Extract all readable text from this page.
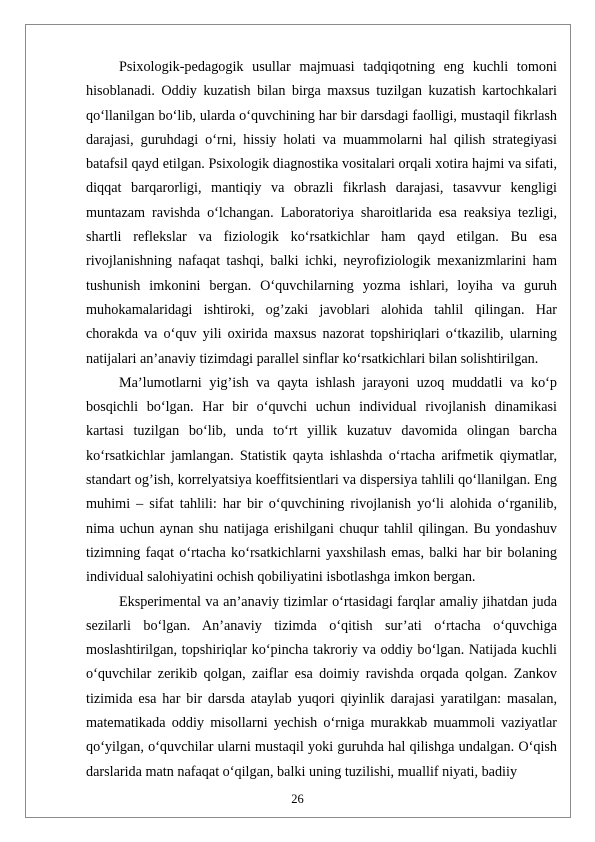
Psixologik-pedagogik usullar majmuasi tadqiqotning eng kuchli tomoni hisoblanadi. Oddiy kuzatish bilan birga maxsus tuzilgan kuzatish kartochkalari qo‘llanilgan bo‘lib, ularda o‘quvchining har bir darsdagi faolligi, mustaqil fikrlash darajasi, guruhdagi o‘rni, hissiy holati va muammolarni hal qilish strategiyasi batafsil qayd etilgan. Psixologik diagnostika vositalari orqali xotira hajmi va sifati, diqqat barqarorligi, mantiqiy va obrazli fikrlash darajasi, tasavvur kengligi muntazam ravishda o‘lchangan. Laboratoriya sharoitlarida esa reaksiya tezligi, shartli reflekslar va fiziologik ko‘rsatkichlar ham qayd etilgan. Bu esa rivojlanishning nafaqat tashqi, balki ichki, neyrofiziologik mexanizmlarini ham tushunish imkonini bergan. O‘quvchilarning yozma ishlari, loyiha va guruh muhokamalaridagi ishtiroki, og’zaki javoblari alohida tahlil qilingan. Har chorakda va o‘quv yili oxirida maxsus nazorat topshiriqlari o‘tkazilib, ularning natijalari an’anaviy tizimdagi parallel sinflar ko‘rsatkichlari bilan solishtirilgan.

Ma’lumotlarni yig’ish va qayta ishlash jarayoni uzoq muddatli va ko‘p bosqichli bo‘lgan. Har bir o‘quvchi uchun individual rivojlanish dinamikasi kartasi tuzilgan bo‘lib, unda to‘rt yillik kuzatuv davomida olingan barcha ko‘rsatkichlar jamlangan. Statistik qayta ishlashda o‘rtacha arifmetik qiymatlar, standart og’ish, korrelyatsiya koeffitsientlari va dispersiya tahlili qo‘llanilgan. Eng muhimi – sifat tahlili: har bir o‘quvchining rivojlanish yo‘li alohida o‘rganilib, nima uchun aynan shu natijaga erishilgani chuqur tahlil qilingan. Bu yondashuv tizimning faqat o‘rtacha ko‘rsatkichlarni yaxshilash emas, balki har bir bolaning individual salohiyatini ochish qobiliyatini isbotlashga imkon bergan.

Eksperimental va an’anaviy tizimlar o‘rtasidagi farqlar amaliy jihatdan juda sezilarli bo‘lgan. An’anaviy tizimda o‘qitish sur’ati o‘rtacha o‘quvchiga moslashtirilgan, topshiriqlar ko‘pincha takroriy va oddiy bo‘lgan. Natijada kuchli o‘quvchilar zerikib qolgan, zaiflar esa doimiy ravishda orqada qolgan. Zankov tizimida esa har bir darsda ataylab yuqori qiyinlik darajasi yaratilgan: masalan, matematikada oddiy misollarni yechish o‘rniga murakkab muammoli vaziyatlar qo‘yilgan, o‘quvchilar ularni mustaqil yoki guruhda hal qilishga undalgan. O‘qish darslarida matn nafaqat o‘qilgan, balki uning tuzilishi, muallif niyati, badiiy

26
